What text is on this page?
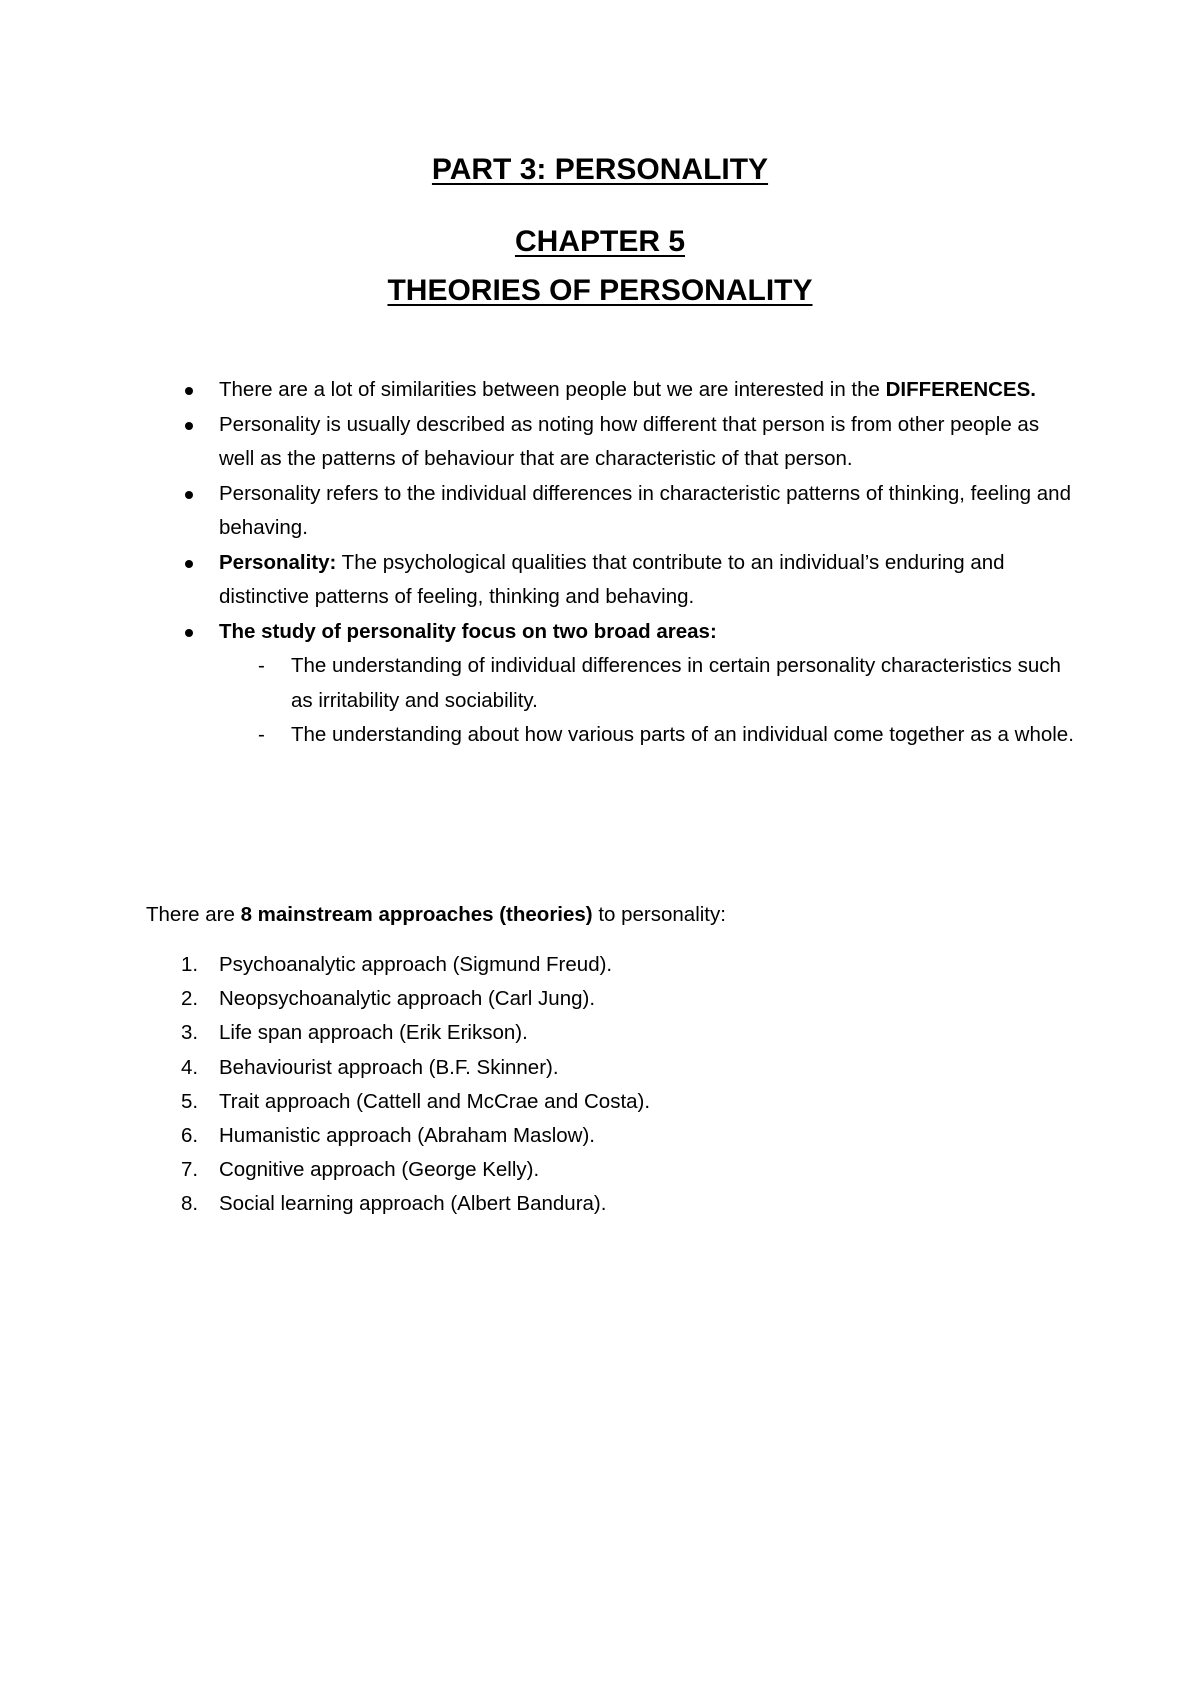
PART 3: PERSONALITY
CHAPTER 5
THEORIES OF PERSONALITY
There are a lot of similarities between people but we are interested in the DIFFERENCES.
Personality is usually described as noting how different that person is from other people as well as the patterns of behaviour that are characteristic of that person.
Personality refers to the individual differences in characteristic patterns of thinking, feeling and behaving.
Personality: The psychological qualities that contribute to an individual’s enduring and distinctive patterns of feeling, thinking and behaving.
The study of personality focus on two broad areas:
- The understanding of individual differences in certain personality characteristics such as irritability and sociability.
- The understanding about how various parts of an individual come together as a whole.

There are 8 mainstream approaches (theories) to personality:

1. Psychoanalytic approach (Sigmund Freud).
2. Neopsychoanalytic approach (Carl Jung).
3. Life span approach (Erik Erikson).
4. Behaviourist approach (B.F. Skinner).
5. Trait approach (Cattell and McCrae and Costa).
6. Humanistic approach (Abraham Maslow).
7. Cognitive approach (George Kelly).
8. Social learning approach (Albert Bandura).
